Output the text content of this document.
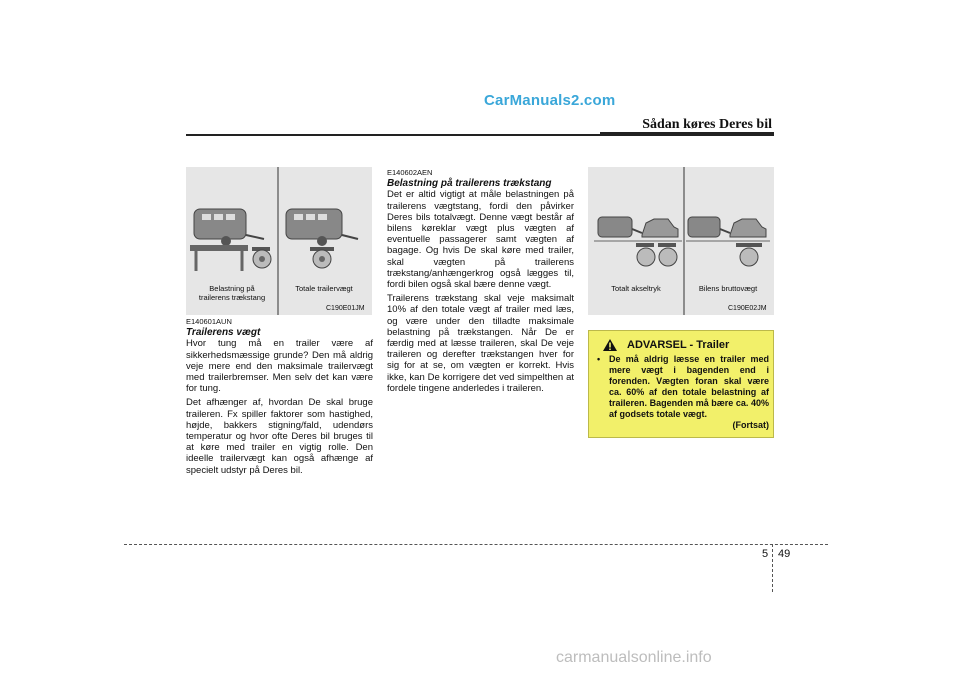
CarManuals2.com
Sådan køres Deres bil
Belastning på
trailerens trækstang
Totale trailervægt
C190E01JM
Totalt akseltryk	Bilens bruttovægt
C190E02JM
E140601AUN
Trailerens vægt

Hvor tung må en trailer være af sikkerhedsmæssige grunde? Den må aldrig veje mere end den maksimale trailervægt med trailerbremser. Men selv det kan være for tung.

Det afhænger af, hvordan De skal bruge traileren. Fx spiller faktorer som hastighed, højde, bakkers stigning/fald, udendørs temperatur og hvor ofte Deres bil bruges til at køre med trailer en vigtig rolle. Den ideelle trailervægt kan også afhænge af specielt udstyr på Deres bil.

E140602AEN
Belastning på trailerens trækstang

Det er altid vigtigt at måle belastningen på trailerens vægtstang, fordi den påvirker Deres bils totalvægt. Denne vægt består af bilens køreklar vægt plus vægten af eventuelle passagerer samt vægten af bagage. Og hvis De skal køre med trailer, skal vægten på trailerens trækstang/anhængerkrog også lægges til, fordi bilen også skal bære denne vægt.

Trailerens trækstang skal veje maksimalt 10% af den totale vægt af trailer med læs, og være under den tilladte maksimale belastning på trækstangen. Når De er færdig med at læsse traileren, skal De veje traileren og derefter trækstangen hver for sig for at se, om vægten er korrekt. Hvis ikke, kan De korrigere det ved simpelthen at fordele tingene anderledes i traileren.

ADVARSEL - Trailer
• De må aldrig læsse en trailer med mere vægt i bagenden end i forenden. Vægten foran skal være ca. 60% af den totale belastning af traileren. Bagenden må bære ca. 40% af godsets totale vægt.
(Fortsat)
5 49
carmanualsonline.info
